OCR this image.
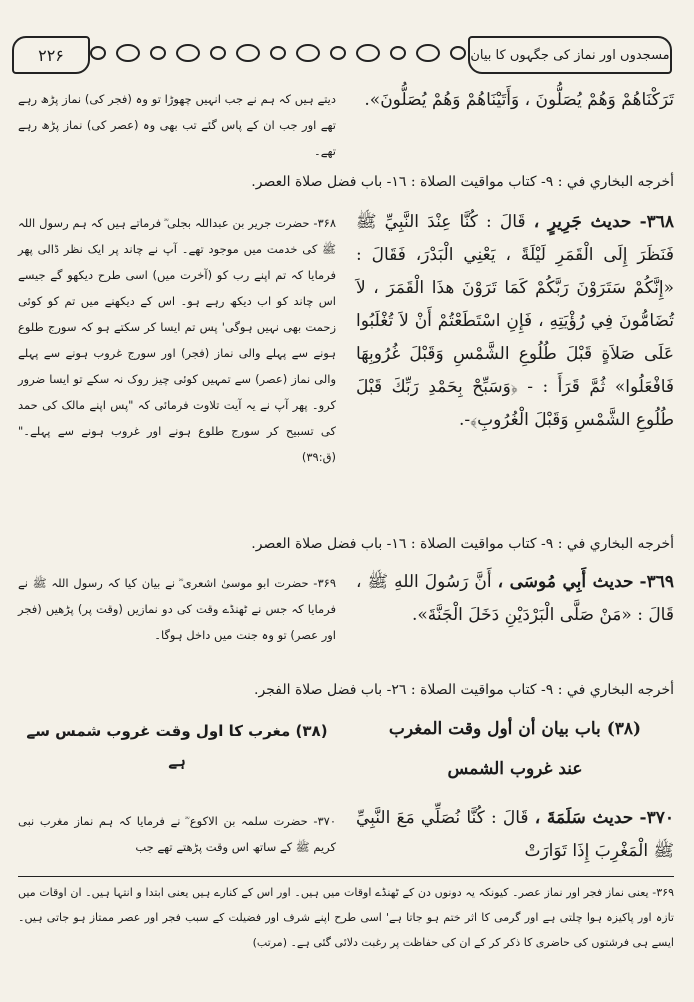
مسجدوں اور نماز کی جگہوں کا بیان
۲۲۶
تَرَكْنَاهُمْ وَهُمْ يُصَلُّونَ ، وَأَتَيْنَاهُمْ وَهُمْ يُصَلُّونَ».
دیتے ہیں کہ ہم نے جب انہیں چھوڑا تو وہ (فجر کی) نماز پڑھ رہے تھے اور جب ان کے پاس گئے تب بھی وہ (عصر کی) نماز پڑھ رہے تھے۔
أخرجه البخاري في : ٩- كتاب مواقيت الصلاة : ١٦- باب فضل صلاة العصر.
٣٦٨- حديث جَرِيرٍ ، قَالَ : كُنَّا عِنْدَ النَّبِيِّ ﷺ فَنَظَرَ إِلَى الْقَمَرِ لَيْلَةً ، يَعْنِي الْبَدْرَ، فَقَالَ : «إِنَّكُمْ سَتَرَوْنَ رَبَّكُمْ كَمَا تَرَوْنَ هذَا الْقَمَرَ ، لاَ تُضَامُّونَ فِي رُؤْيَتِهِ ، فَإِنِ اسْتَطَعْتُمْ أَنْ لاَ تُغْلَبُوا عَلَى صَلاَةٍ قَبْلَ طُلُوعِ الشَّمْسِ وَقَبْلَ غُرُوبِهَا فَافْعَلُوا» ثُمَّ قَرَأَ : - ﴿وَسَبِّحْ بِحَمْدِ رَبِّكَ قَبْلَ طُلُوعِ الشَّمْسِ وَقَبْلَ الْغُرُوبِ﴾-.
۳۶۸- حضرت جریر بن عبداللہ بجلی ؓ فرماتے ہیں کہ ہم رسول اللہ ﷺ کی خدمت میں موجود تھے۔ آپ نے چاند پر ایک نظر ڈالی پھر فرمایا کہ تم اپنے رب کو (آخرت میں) اسی طرح دیکھو گے جیسے اس چاند کو اب دیکھ رہے ہو۔ اس کے دیکھنے میں تم کو کوئی زحمت بھی نہیں ہوگی' پس تم ایسا کر سکتے ہو کہ سورج طلوع ہونے سے پہلے والی نماز (فجر) اور سورج غروب ہونے سے پہلے والی نماز (عصر) سے تمہیں کوئی چیز روک نہ سکے تو ایسا ضرور کرو۔ پھر آپ نے یہ آیت تلاوت فرمائی کہ "پس اپنے مالک کی حمد کی تسبیح کر سورج طلوع ہونے اور غروب ہونے سے پہلے۔" (ق:۳۹)
أخرجه البخاري في : ٩- كتاب مواقيت الصلاة : ١٦- باب فضل صلاة العصر.
٣٦٩- حديث أَبِي مُوسَى ، أَنَّ رَسُولَ اللهِ ﷺ ، قَالَ : «مَنْ صَلَّى الْبَرْدَيْنِ دَخَلَ الْجَنَّةَ».
۳۶۹- حضرت ابو موسیٰ اشعری ؓ نے بیان کیا کہ رسول اللہ ﷺ نے فرمایا کہ جس نے ٹھنڈے وقت کی دو نمازیں (وقت پر) پڑھیں (فجر اور عصر) تو وہ جنت میں داخل ہوگا۔
أخرجه البخاري في : ٩- كتاب مواقيت الصلاة : ٢٦- باب فضل صلاة الفجر.
(٣٨) باب بيان أن أول وقت المغرب
عند غروب الشمس
(۳۸) مغرب کا اول وقت غروب شمس سے ہے
٣٧٠- حديث سَلَمَةَ ، قَالَ : كُنَّا نُصَلِّي مَعَ النَّبِيِّ ﷺ الْمَغْرِبَ إِذَا تَوَارَتْ
۳۷۰- حضرت سلمہ بن الاکوع ؓ نے فرمایا کہ ہم نماز مغرب نبی کریم ﷺ کے ساتھ اس وقت پڑھتے تھے جب
۳۶۹- یعنی نماز فجر اور نماز عصر۔ کیونکہ یہ دونوں دن کے ٹھنڈے اوقات میں ہیں۔ اور اس کے کنارے ہیں یعنی ابتدا و انتہا ہیں۔ ان اوقات میں تازہ اور پاکیزہ ہوا چلتی ہے اور گرمی کا اثر ختم ہو جاتا ہے' اسی طرح اپنے شرف اور فضیلت کے سبب فجر اور عصر ممتاز ہو جاتی ہیں۔ ایسے ہی فرشتوں کی حاضری کا ذکر کر کے ان کی حفاظت پر رغبت دلائی گئی ہے۔ (مرتب)
